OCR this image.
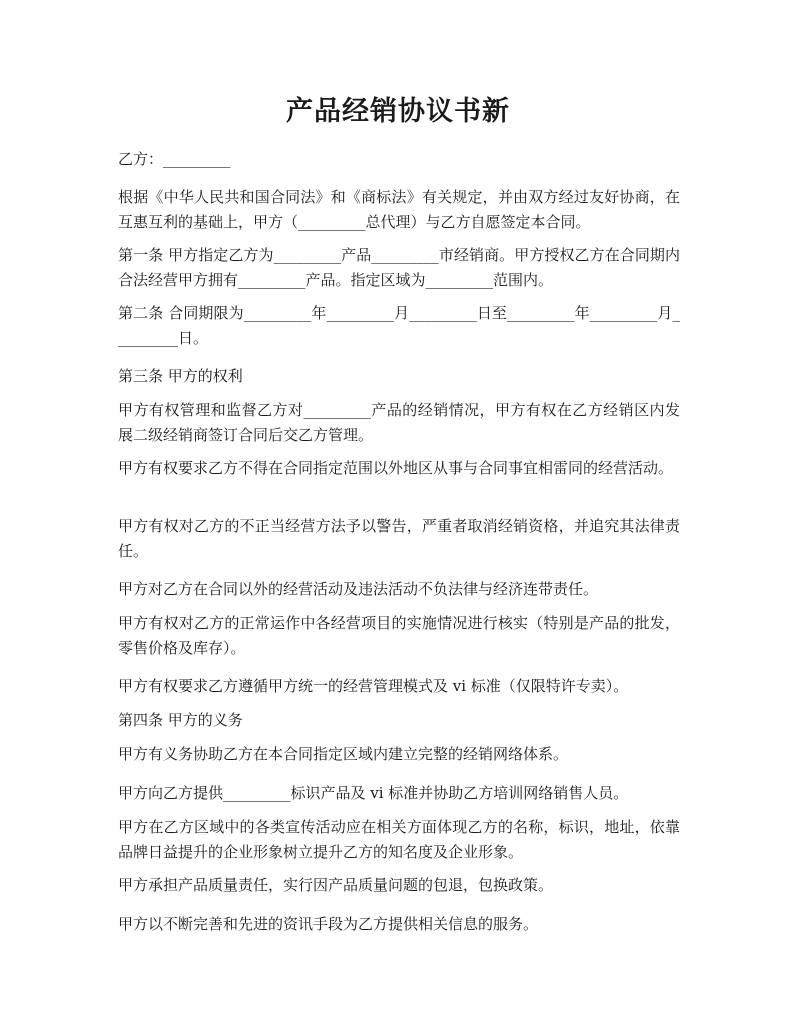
产品经销协议书新

乙方：_________

根据《中华人民共和国合同法》和《商标法》有关规定，并由双方经过友好协商，在互惠互利的基础上，甲方（_________总代理）与乙方自愿签定本合同。

第一条 甲方指定乙方为_________产品_________市经销商。甲方授权乙方在合同期内合法经营甲方拥有_________产品。指定区域为_________范围内。

第二条 合同期限为_________年_________月_________日至_________年_________月_________日。

第三条 甲方的权利

甲方有权管理和监督乙方对_________产品的经销情况，甲方有权在乙方经销区内发展二级经销商签订合同后交乙方管理。

甲方有权要求乙方不得在合同指定范围以外地区从事与合同事宜相雷同的经营活动。

甲方有权对乙方的不正当经营方法予以警告，严重者取消经销资格，并追究其法律责任。

甲方对乙方在合同以外的经营活动及违法活动不负法律与经济连带责任。

甲方有权对乙方的正常运作中各经营项目的实施情况进行核实（特别是产品的批发，零售价格及库存）。

甲方有权要求乙方遵循甲方统一的经营管理模式及 vi 标准（仅限特许专卖）。

第四条 甲方的义务

甲方有义务协助乙方在本合同指定区域内建立完整的经销网络体系。

甲方向乙方提供_________标识产品及 vi 标准并协助乙方培训网络销售人员。

甲方在乙方区域中的各类宣传活动应在相关方面体现乙方的名称，标识，地址，依靠品牌日益提升的企业形象树立提升乙方的知名度及企业形象。

甲方承担产品质量责任，实行因产品质量问题的包退，包换政策。

甲方以不断完善和先进的资讯手段为乙方提供相关信息的服务。
